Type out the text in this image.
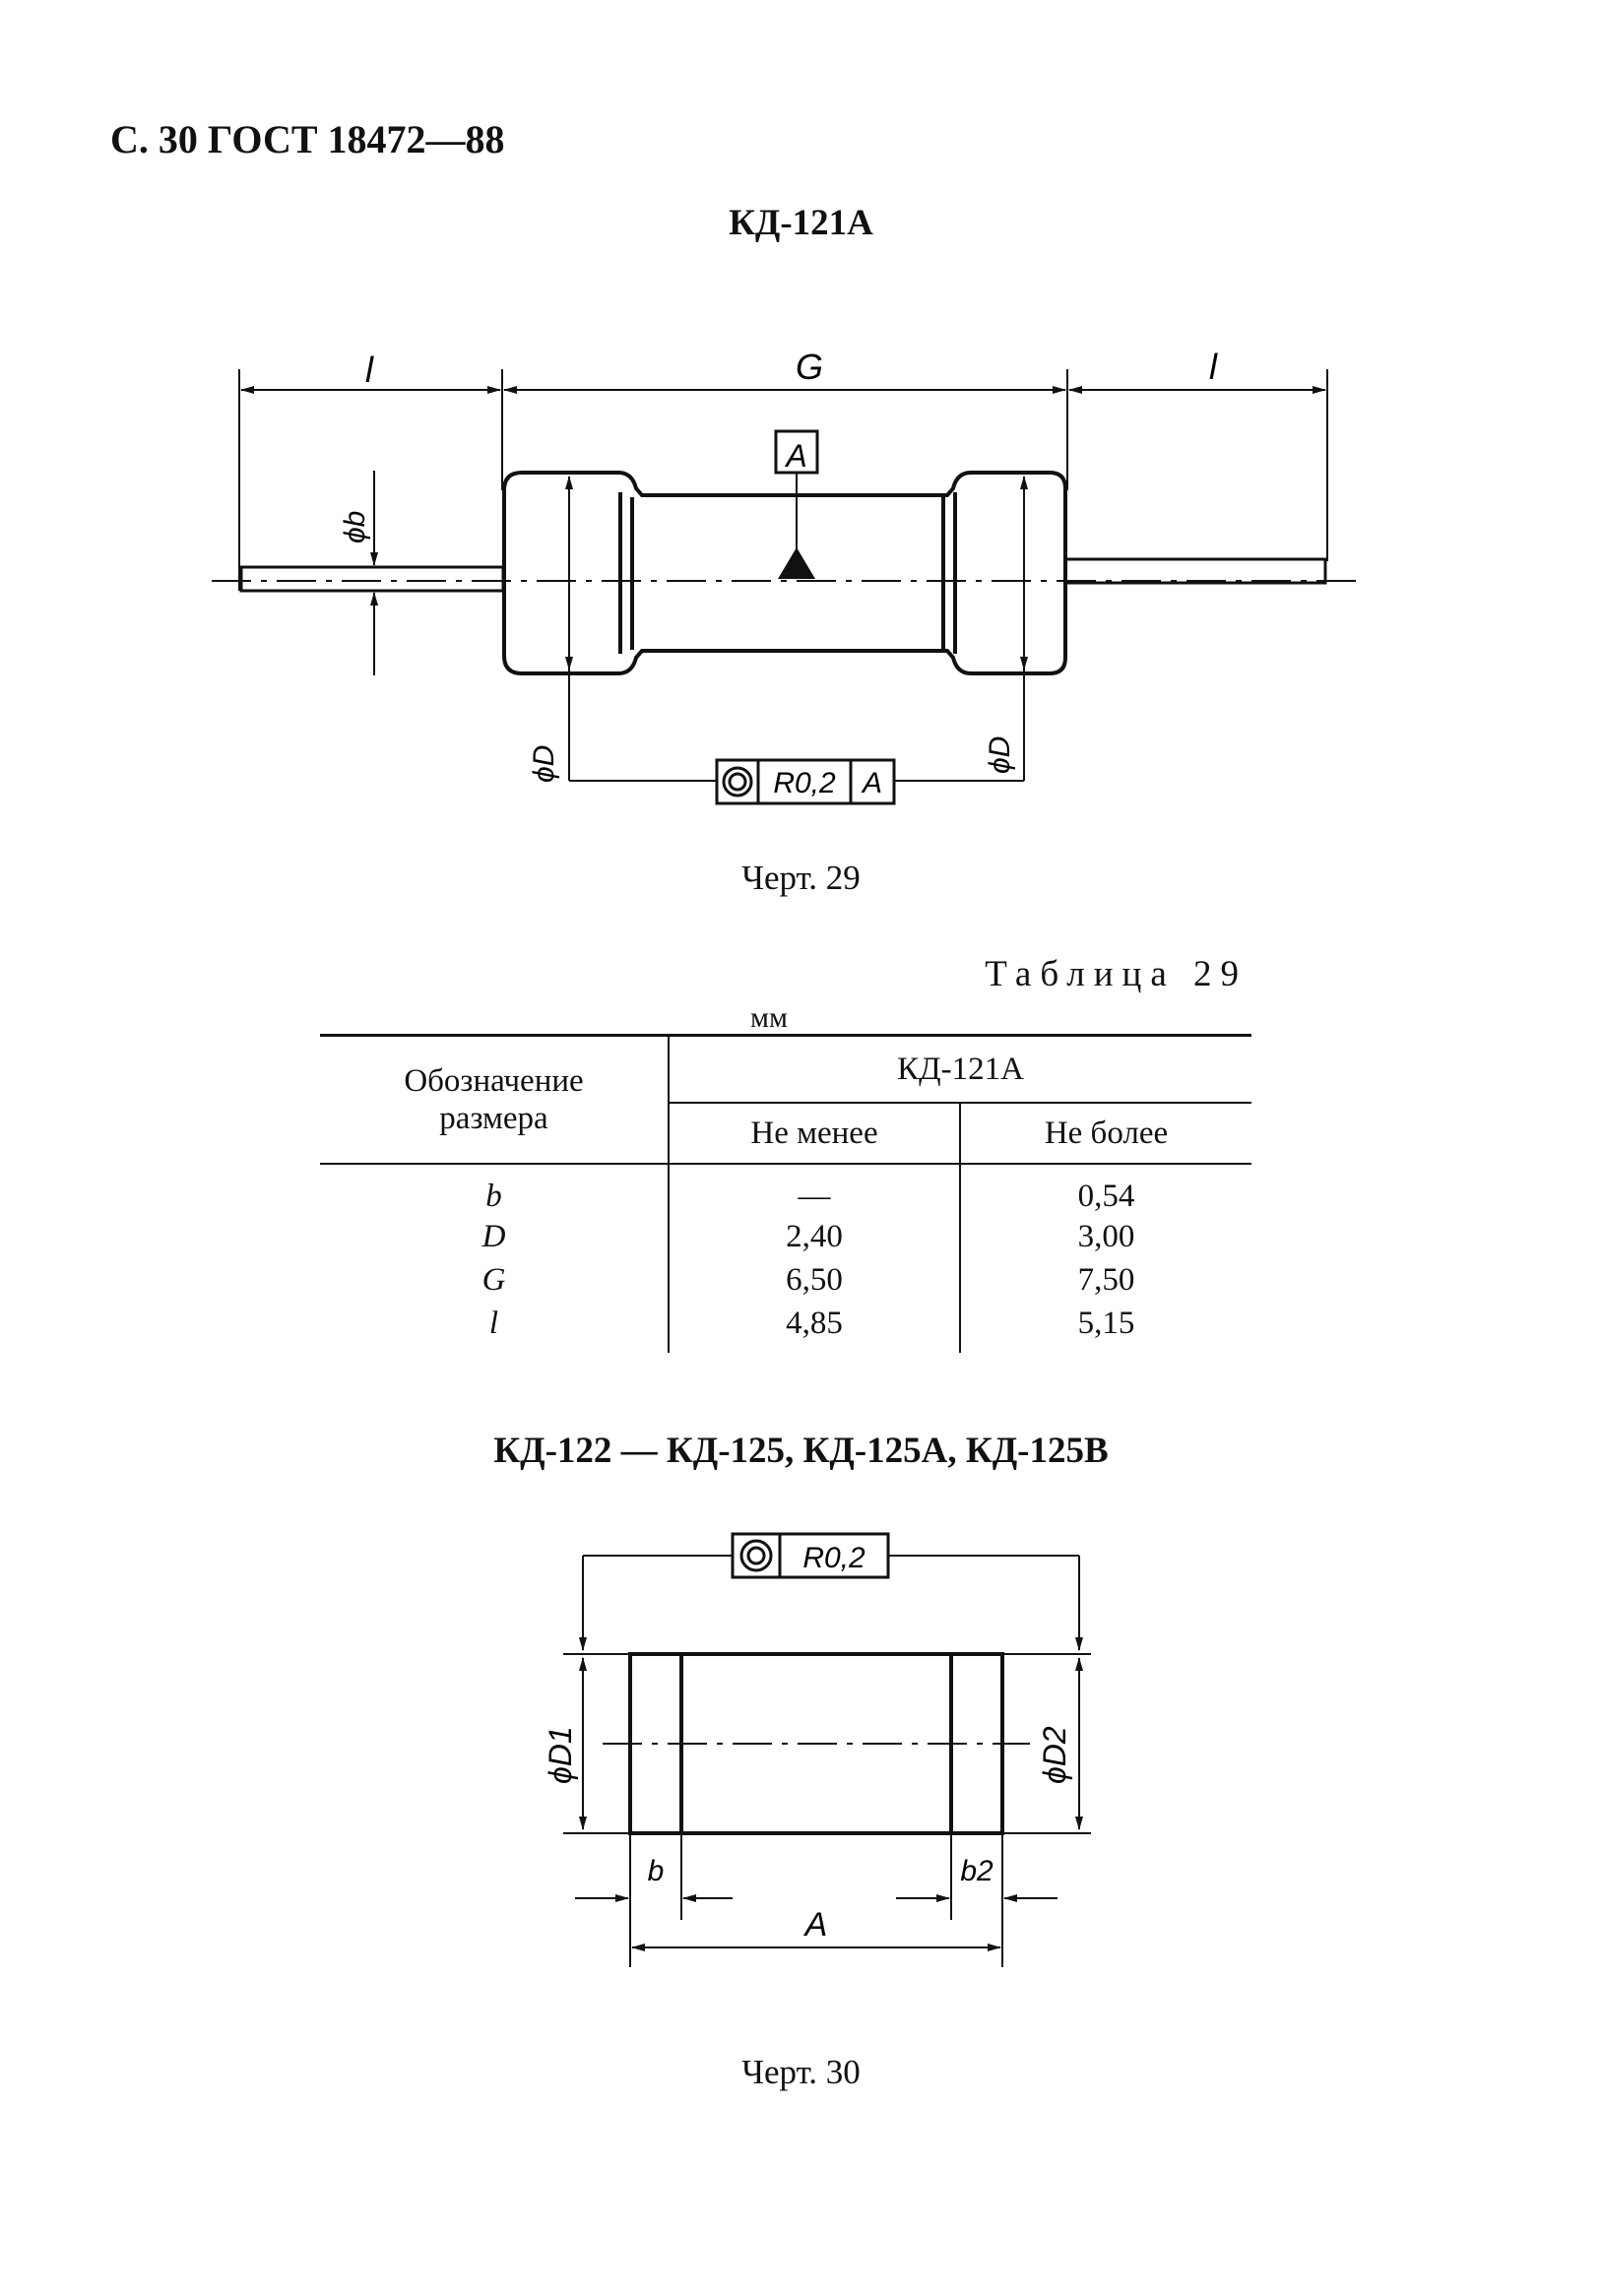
С. 30 ГОСТ 18472—88
КД-121А
l	G	l
A
ϕb
ϕD	ϕD
R0,2 A
Черт. 29
Таблица 29
мм
Обозначение размера	КД-121А	
	Не менее	Не более
b	—	0,54
D	2,40	3,00
G	6,50	7,50
l	4,85	5,15
КД-122 — КД-125, КД-125А, КД-125В
R0,2
ϕD1	ϕD2
b	b2
A
Черт. 30
